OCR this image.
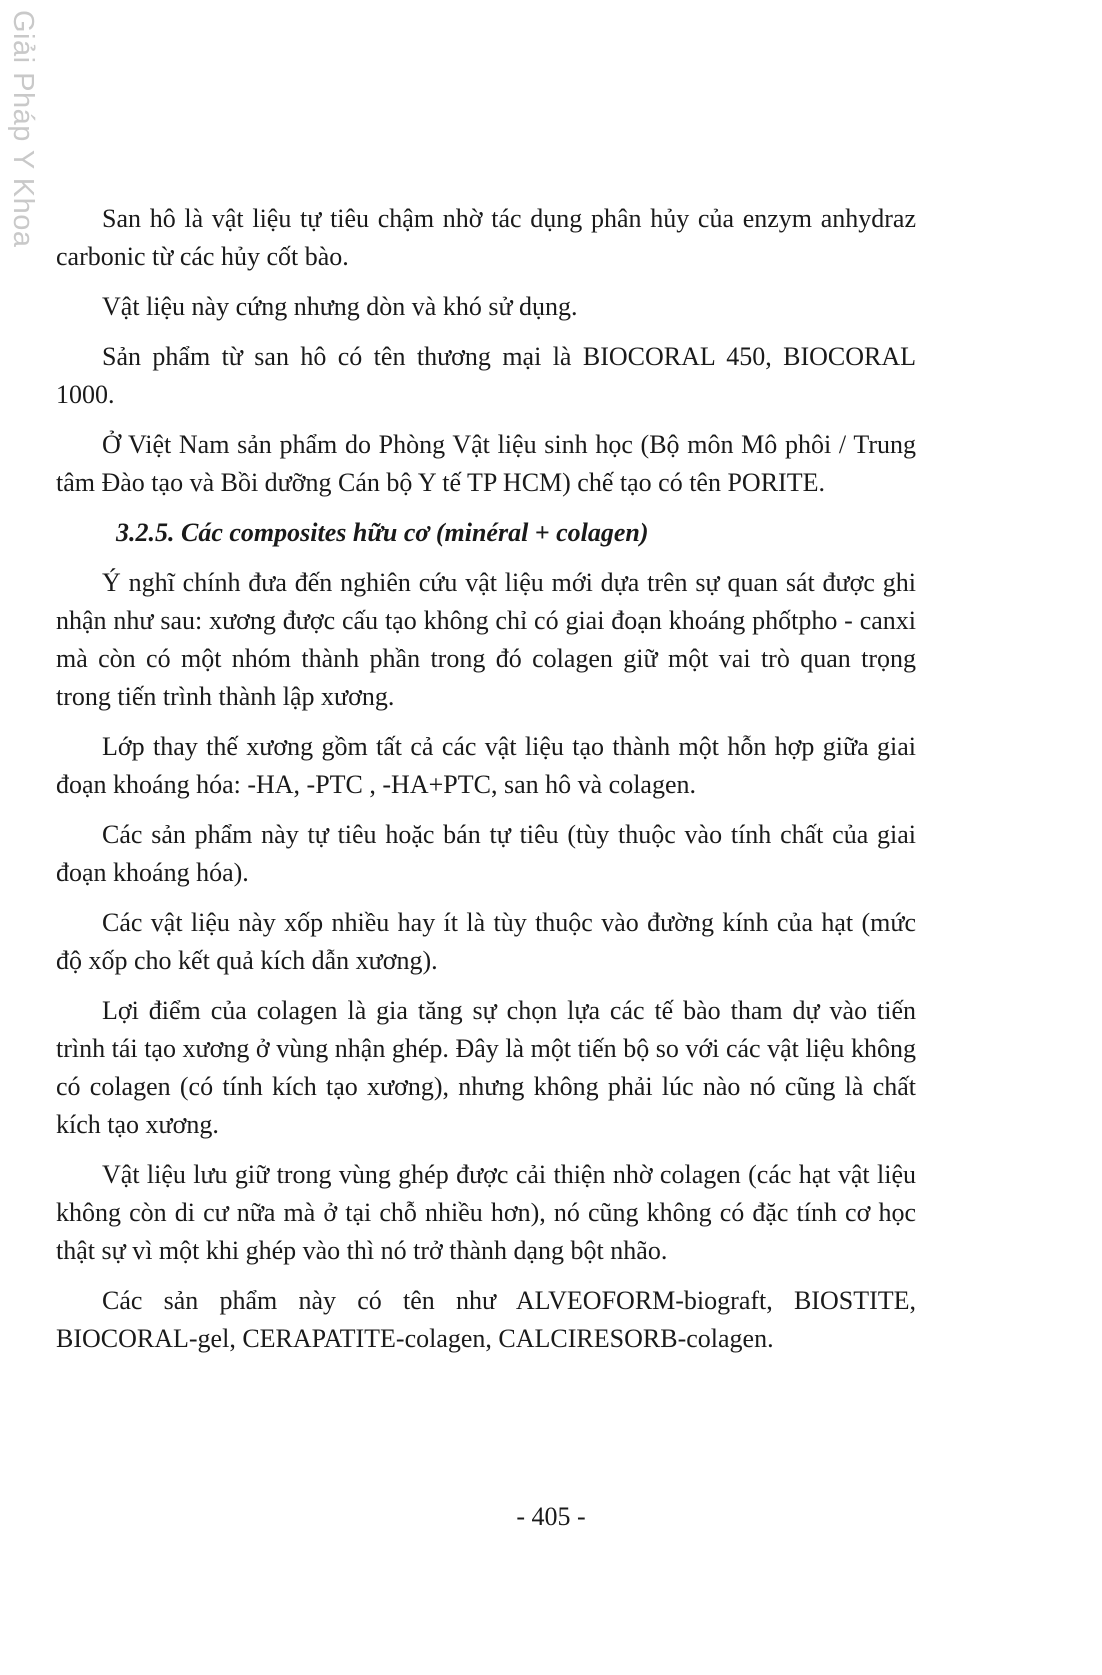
Giải Pháp Y Khoa	San hô là vật liệu tự tiêu chậm nhờ tác dụng phân hủy của enzym anhydraz carbonic từ các hủy cốt bào.

Vật liệu này cứng nhưng dòn và khó sử dụng.

Sản phẩm từ san hô có tên thương mại là BIOCORAL 450, BIOCORAL 1000.

Ở Việt Nam sản phẩm do Phòng Vật liệu sinh học (Bộ môn Mô phôi / Trung tâm Đào tạo và Bồi dưỡng Cán bộ Y tế TP HCM) chế tạo có tên PORITE.

3.2.5. Các composites hữu cơ (minéral + colagen)

Ý nghĩ chính đưa đến nghiên cứu vật liệu mới dựa trên sự quan sát được ghi nhận như sau: xương được cấu tạo không chỉ có giai đoạn khoáng phốtpho - canxi mà còn có một nhóm thành phần trong đó colagen giữ một vai trò quan trọng trong tiến trình thành lập xương.

Lớp thay thế xương gồm tất cả các vật liệu tạo thành một hỗn hợp giữa giai đoạn khoáng hóa: -HA, -PTC , -HA+PTC, san hô và colagen.

Các sản phẩm này tự tiêu hoặc bán tự tiêu (tùy thuộc vào tính chất của giai đoạn khoáng hóa).

Các vật liệu này xốp nhiều hay ít là tùy thuộc vào đường kính của hạt (mức độ xốp cho kết quả kích dẫn xương).

Lợi điểm của colagen là gia tăng sự chọn lựa các tế bào tham dự vào tiến trình tái tạo xương ở vùng nhận ghép. Đây là một tiến bộ so với các vật liệu không có colagen (có tính kích tạo xương), nhưng không phải lúc nào nó cũng là chất kích tạo xương.

Vật liệu lưu giữ trong vùng ghép được cải thiện nhờ colagen (các hạt vật liệu không còn di cư nữa mà ở tại chỗ nhiều hơn), nó cũng không có đặc tính cơ học thật sự vì một khi ghép vào thì nó trở thành dạng bột nhão.

Các sản phẩm này có tên như ALVEOFORM-biograft, BIOSTITE, BIOCORAL-gel, CERAPATITE-colagen, CALCIRESORB-colagen.

- 405 -
